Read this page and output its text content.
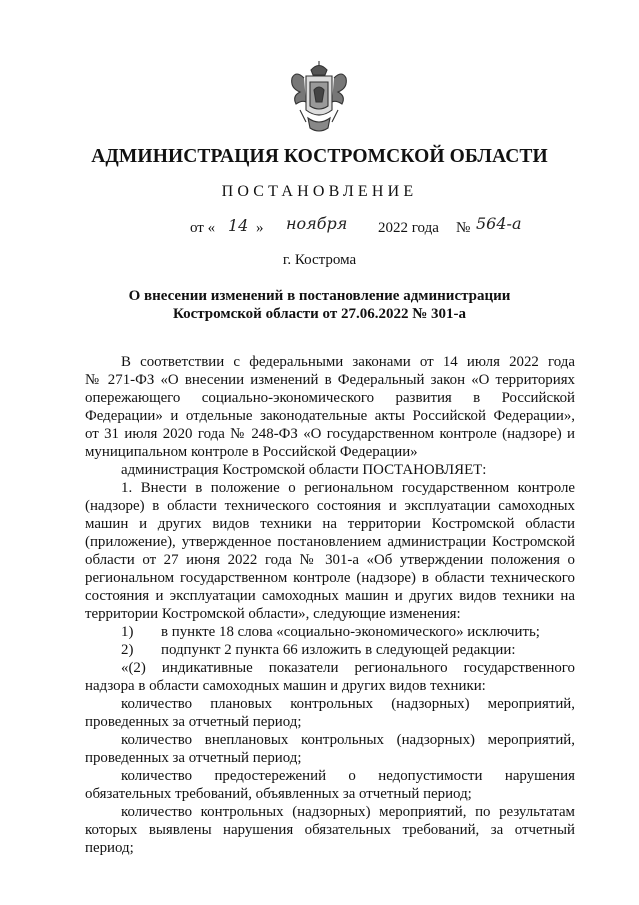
АДМИНИСТРАЦИЯ КОСТРОМСКОЙ ОБЛАСТИ
ПОСТАНОВЛЕНИЕ
от « 14 » ноября 2022 года № 564-а
г. Кострома
О внесении изменений в постановление администрации
Костромской области от 27.06.2022 № 301-а

В соответствии с федеральными законами от 14 июля 2022 года

№ 271-ФЗ «О внесении изменений в Федеральный закон «О территориях

опережающего социально-экономического развития в Российской

Федерации» и отдельные законодательные акты Российской Федерации»,

от 31 июля 2020 года № 248-ФЗ «О государственном контроле (надзоре) и

муниципальном контроле в Российской Федерации»

администрация Костромской области ПОСТАНОВЛЯЕТ:

1. Внести в положение о региональном государственном контроле

(надзоре) в области технического состояния и эксплуатации самоходных

машин и других видов техники на территории Костромской области

(приложение), утвержденное постановлением администрации Костромской

области от 27 июня 2022 года № 301-а «Об утверждении положения о

региональном государственном контроле (надзоре) в области технического

состояния и эксплуатации самоходных машин и других видов техники на

территории Костромской области», следующие изменения:

1) в пункте 18 слова «социально-экономического» исключить;
2) подпункт 2 пункта 66 изложить в следующей редакции:

«(2) индикативные показатели регионального государственного

надзора в области самоходных машин и других видов техники:

количество плановых контрольных (надзорных) мероприятий,

проведенных за отчетный период;

количество внеплановых контрольных (надзорных) мероприятий,

проведенных за отчетный период;

количество предостережений о недопустимости нарушения

обязательных требований, объявленных за отчетный период;

количество контрольных (надзорных) мероприятий, по результатам

которых выявлены нарушения обязательных требований, за отчетный

период;
